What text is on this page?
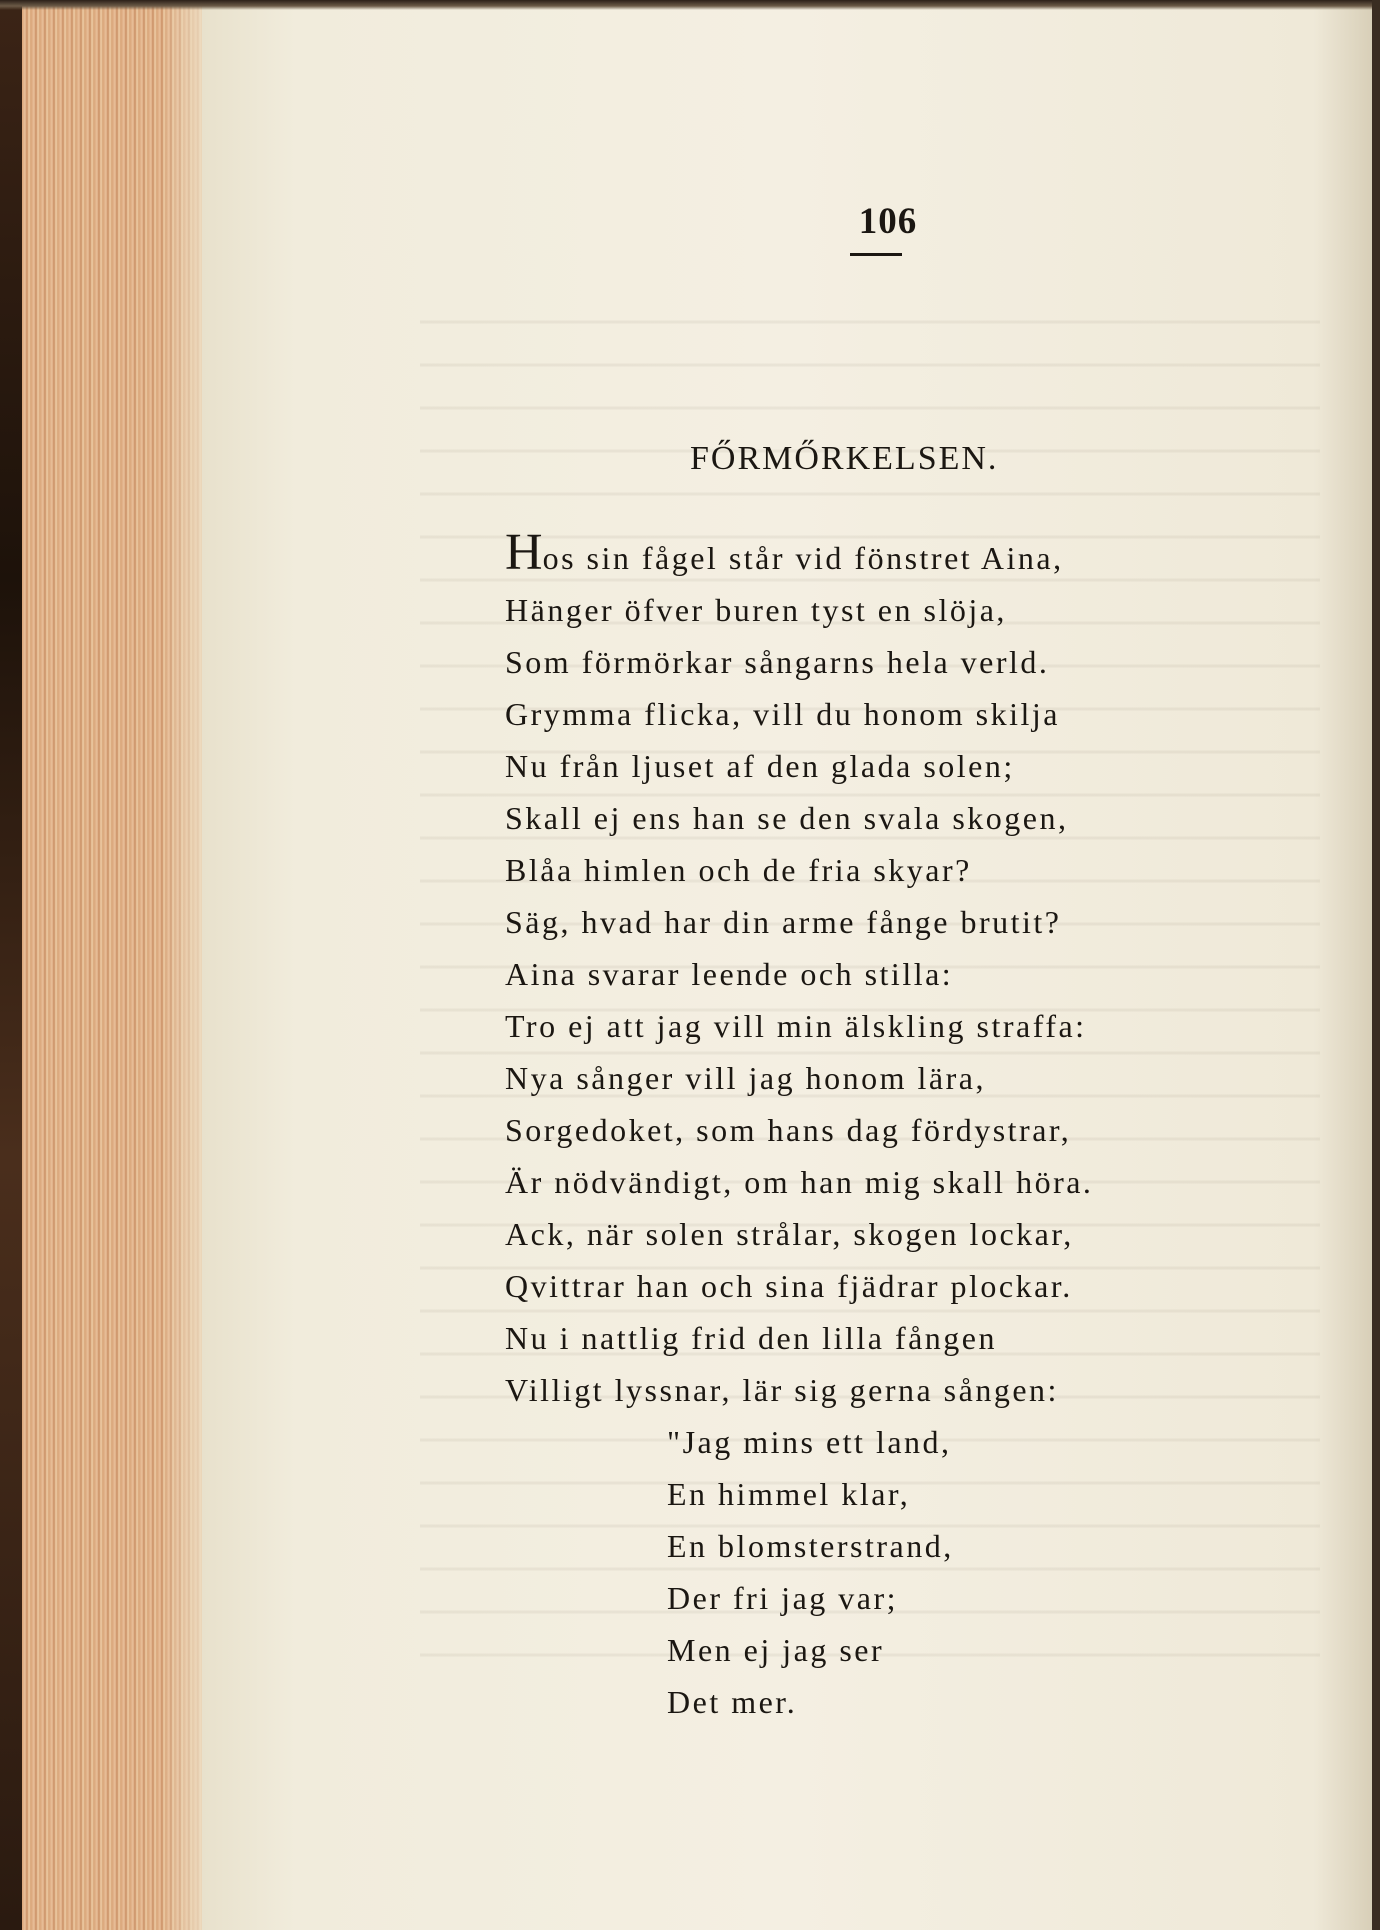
106
FŐRMŐRKELSEN.
Hos sin fågel står vid fönstret Aina,
Hänger öfver buren tyst en slöja,
Som förmörkar sångarns hela verld.
Grymma flicka, vill du honom skilja
Nu från ljuset af den glada solen;
Skall ej ens han se den svala skogen,
Blåa himlen och de fria skyar?
Säg, hvad har din arme fånge brutit?
Aina svarar leende och stilla:
Tro ej att jag vill min älskling straffa:
Nya sånger vill jag honom lära,
Sorgedoket, som hans dag fördystrar,
Är nödvändigt, om han mig skall höra.
Ack, när solen strålar, skogen lockar,
Qvittrar han och sina fjädrar plockar.
Nu i nattlig frid den lilla fången
Villigt lyssnar, lär sig gerna sången:
"Jag mins ett land,
En himmel klar,
En blomsterstrand,
Der fri jag var;
Men ej jag ser
Det mer.
